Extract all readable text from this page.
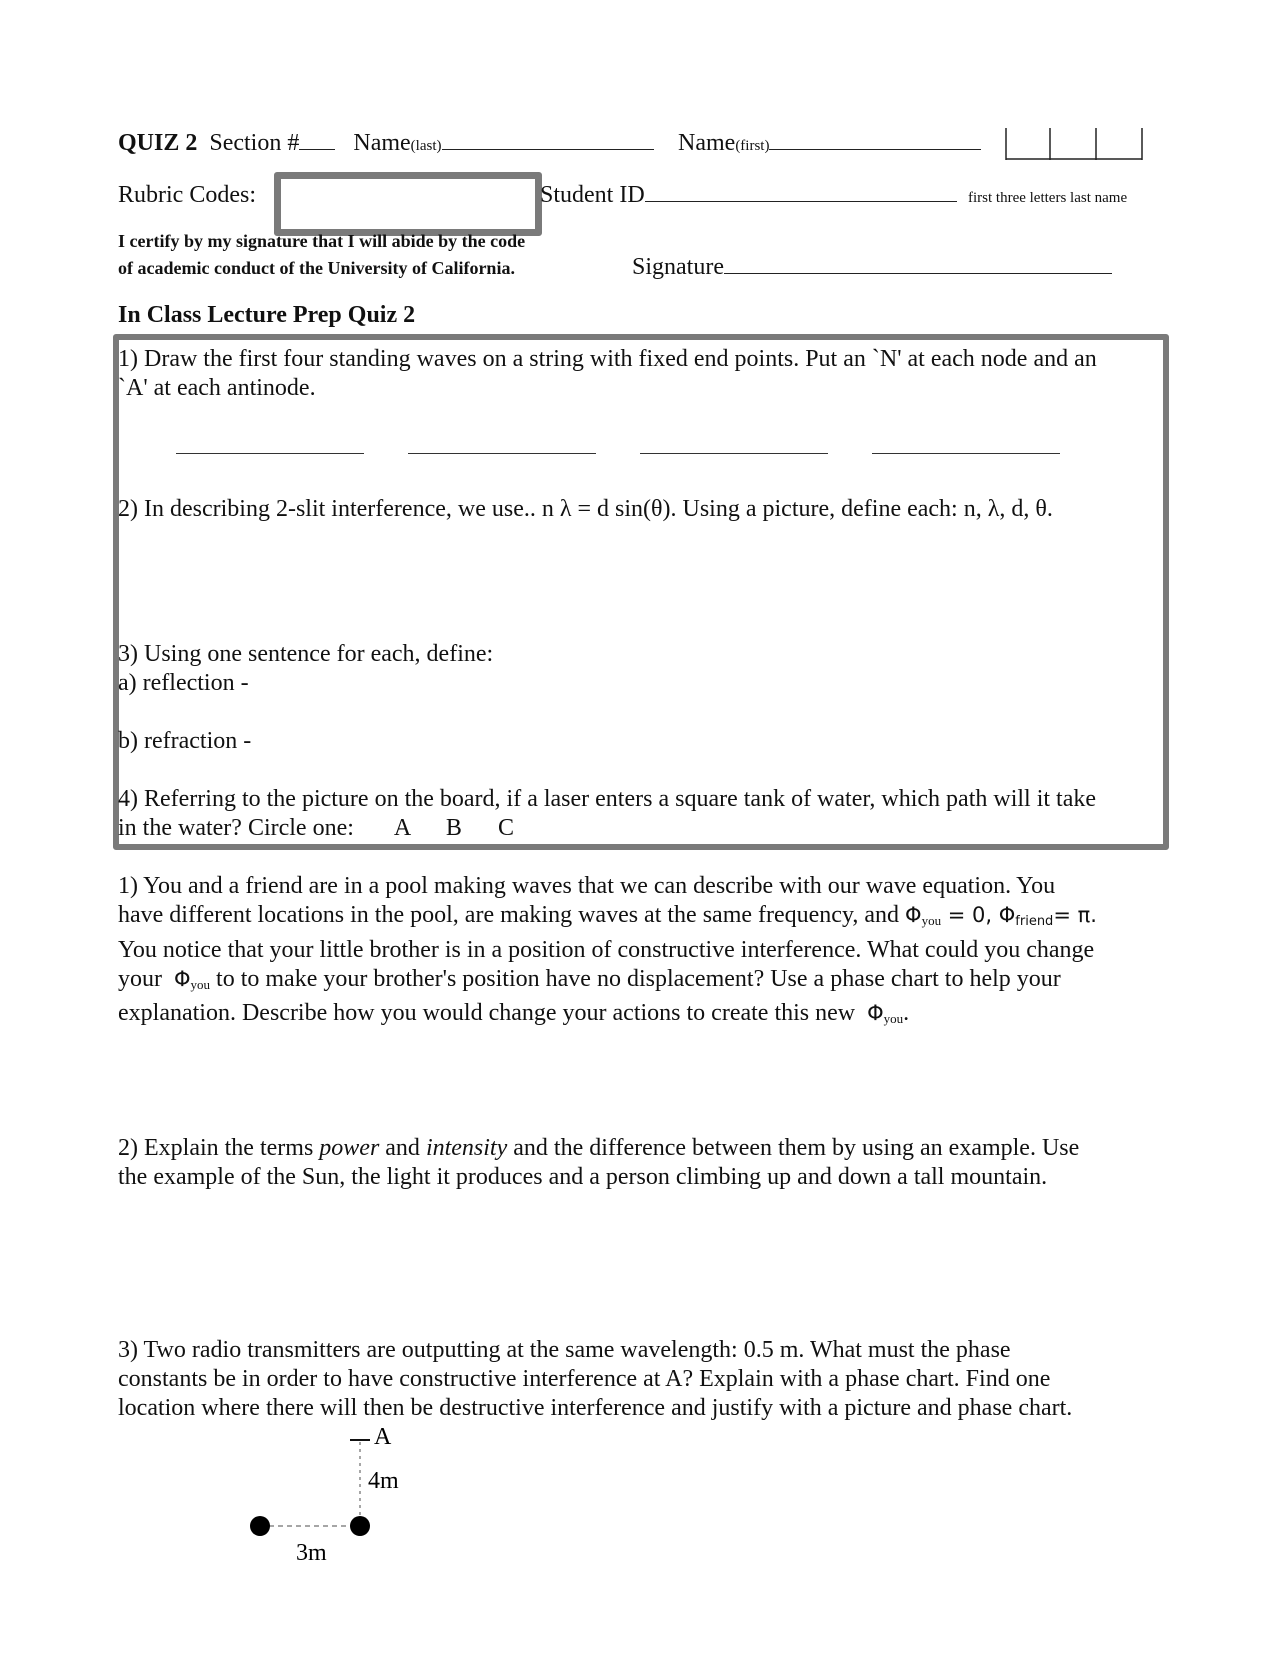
QUIZ 2 Section # Name(last)	Name(first)
Rubric Codes:	Student ID	first three letters last name
I certify by my signature that I will abide by the code
of academic conduct of the University of California.	Signature
In Class Lecture Prep Quiz 2
1) Draw the first four standing waves on a string with fixed end points. Put an `N' at each node and an
`A' at each antinode.
2) In describing 2-slit interference, we use.. n λ = d sin(θ). Using a picture, define each: n, λ, d, θ.
3) Using one sentence for each, define:
a) reflection -
b) refraction -
4) Referring to the picture on the board, if a laser enters a square tank of water, which path will it take
in the water? Circle one: A B C
1) You and a friend are in a pool making waves that we can describe with our wave equation. You
have different locations in the pool, are making waves at the same frequency, and $\Phi_{you} = 0$, Φfriend= π.
You notice that your little brother is in a position of constructive interference. What could you change
your  $\Phi_{you}$ to to make your brother's position have no displacement? Use a phase chart to help your
explanation. Describe how you would change your actions to create this new  $\Phi_{you}$.
2) Explain the terms power and intensity and the difference between them by using an example. Use
the example of the Sun, the light it produces and a person climbing up and down a tall mountain.
3) Two radio transmitters are outputting at the same wavelength: 0.5 m. What must the phase
constants be in order to have constructive interference at A? Explain with a phase chart. Find one
location where there will then be destructive interference and justify with a picture and phase chart.
A
4m
3m
